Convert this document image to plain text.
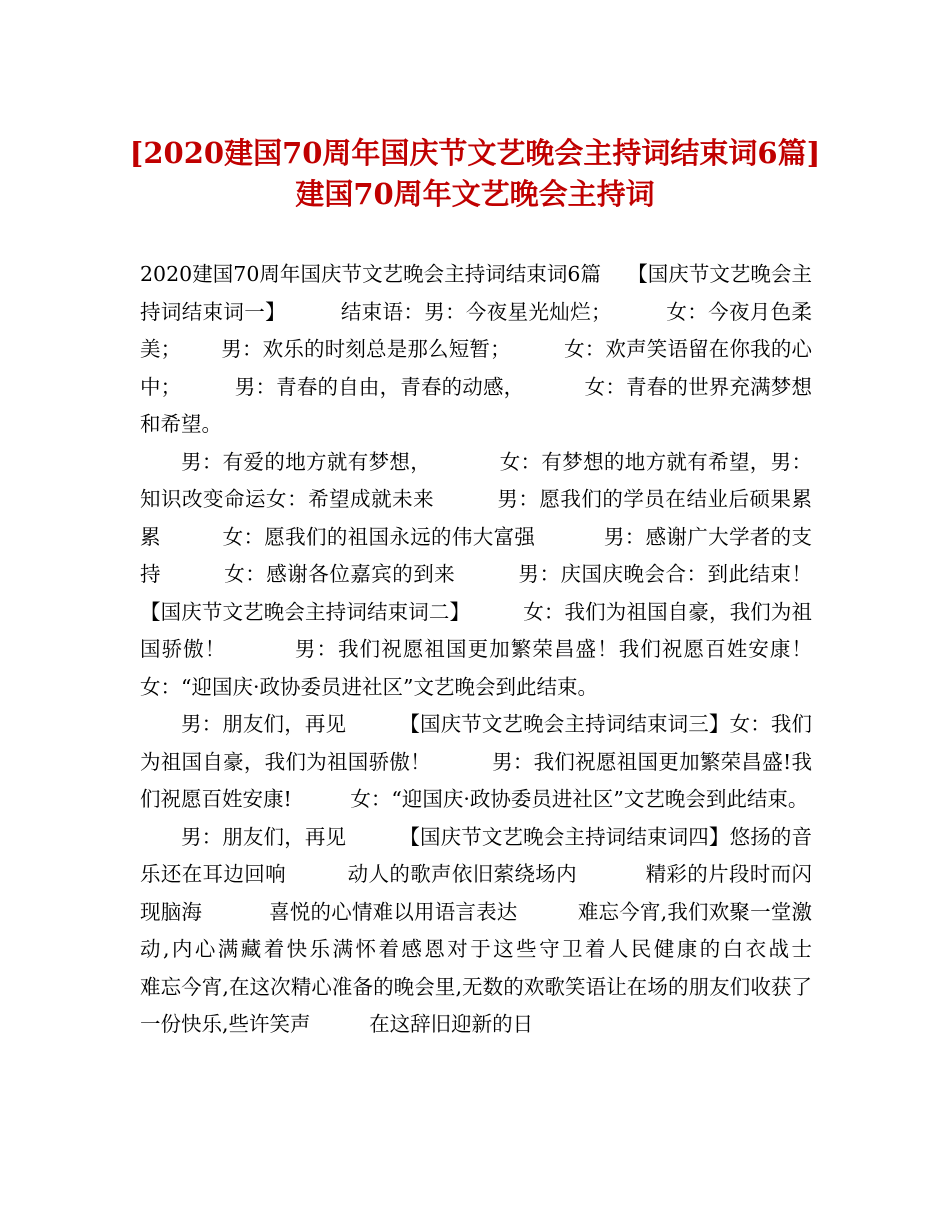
[2020建国70周年国庆节文艺晚会主持词结束词6篇]
建国70周年文艺晚会主持词

2020建国70周年国庆节文艺晚会主持词结束词6篇    【国庆节文艺晚会主持词结束词一】        结束语：男：今夜星光灿烂；        女：今夜月色柔美；      男：欢乐的时刻总是那么短暂；        女：欢声笑语留在你我的心中；        男：青春的自由，青春的动感，         女：青春的世界充满梦想和希望。

男：有爱的地方就有梦想，          女：有梦想的地方就有希望，男：知识改变命运女：希望成就未来         男：愿我们的学员在结业后硕果累累         女：愿我们的祖国永远的伟大富强          男：感谢广大学者的支持         女：感谢各位嘉宾的到来         男：庆国庆晚会合：到此结束！      【国庆节文艺晚会主持词结束词二】        女：我们为祖国自豪，我们为祖国骄傲！         男：我们祝愿祖国更加繁荣昌盛！我们祝愿百姓安康！       女：“迎国庆·政协委员进社区”文艺晚会到此结束。

男：朋友们，再见        【国庆节文艺晚会主持词结束词三】女：我们为祖国自豪，我们为祖国骄傲！         男：我们祝愿祖国更加繁荣昌盛!我们祝愿百姓安康!         女：“迎国庆·政协委员进社区”文艺晚会到此结束。

男：朋友们，再见        【国庆节文艺晚会主持词结束词四】悠扬的音乐还在耳边回响         动人的歌声依旧萦绕场内          精彩的片段时而闪现脑海          喜悦的心情难以用语言表达         难忘今宵,我们欢聚一堂激动,内心满藏着快乐满怀着感恩对于这些守卫着人民健康的白衣战士         难忘今宵,在这次精心准备的晚会里,无数的欢歌笑语让在场的朋友们收获了一份快乐,些许笑声         在这辞旧迎新的日
